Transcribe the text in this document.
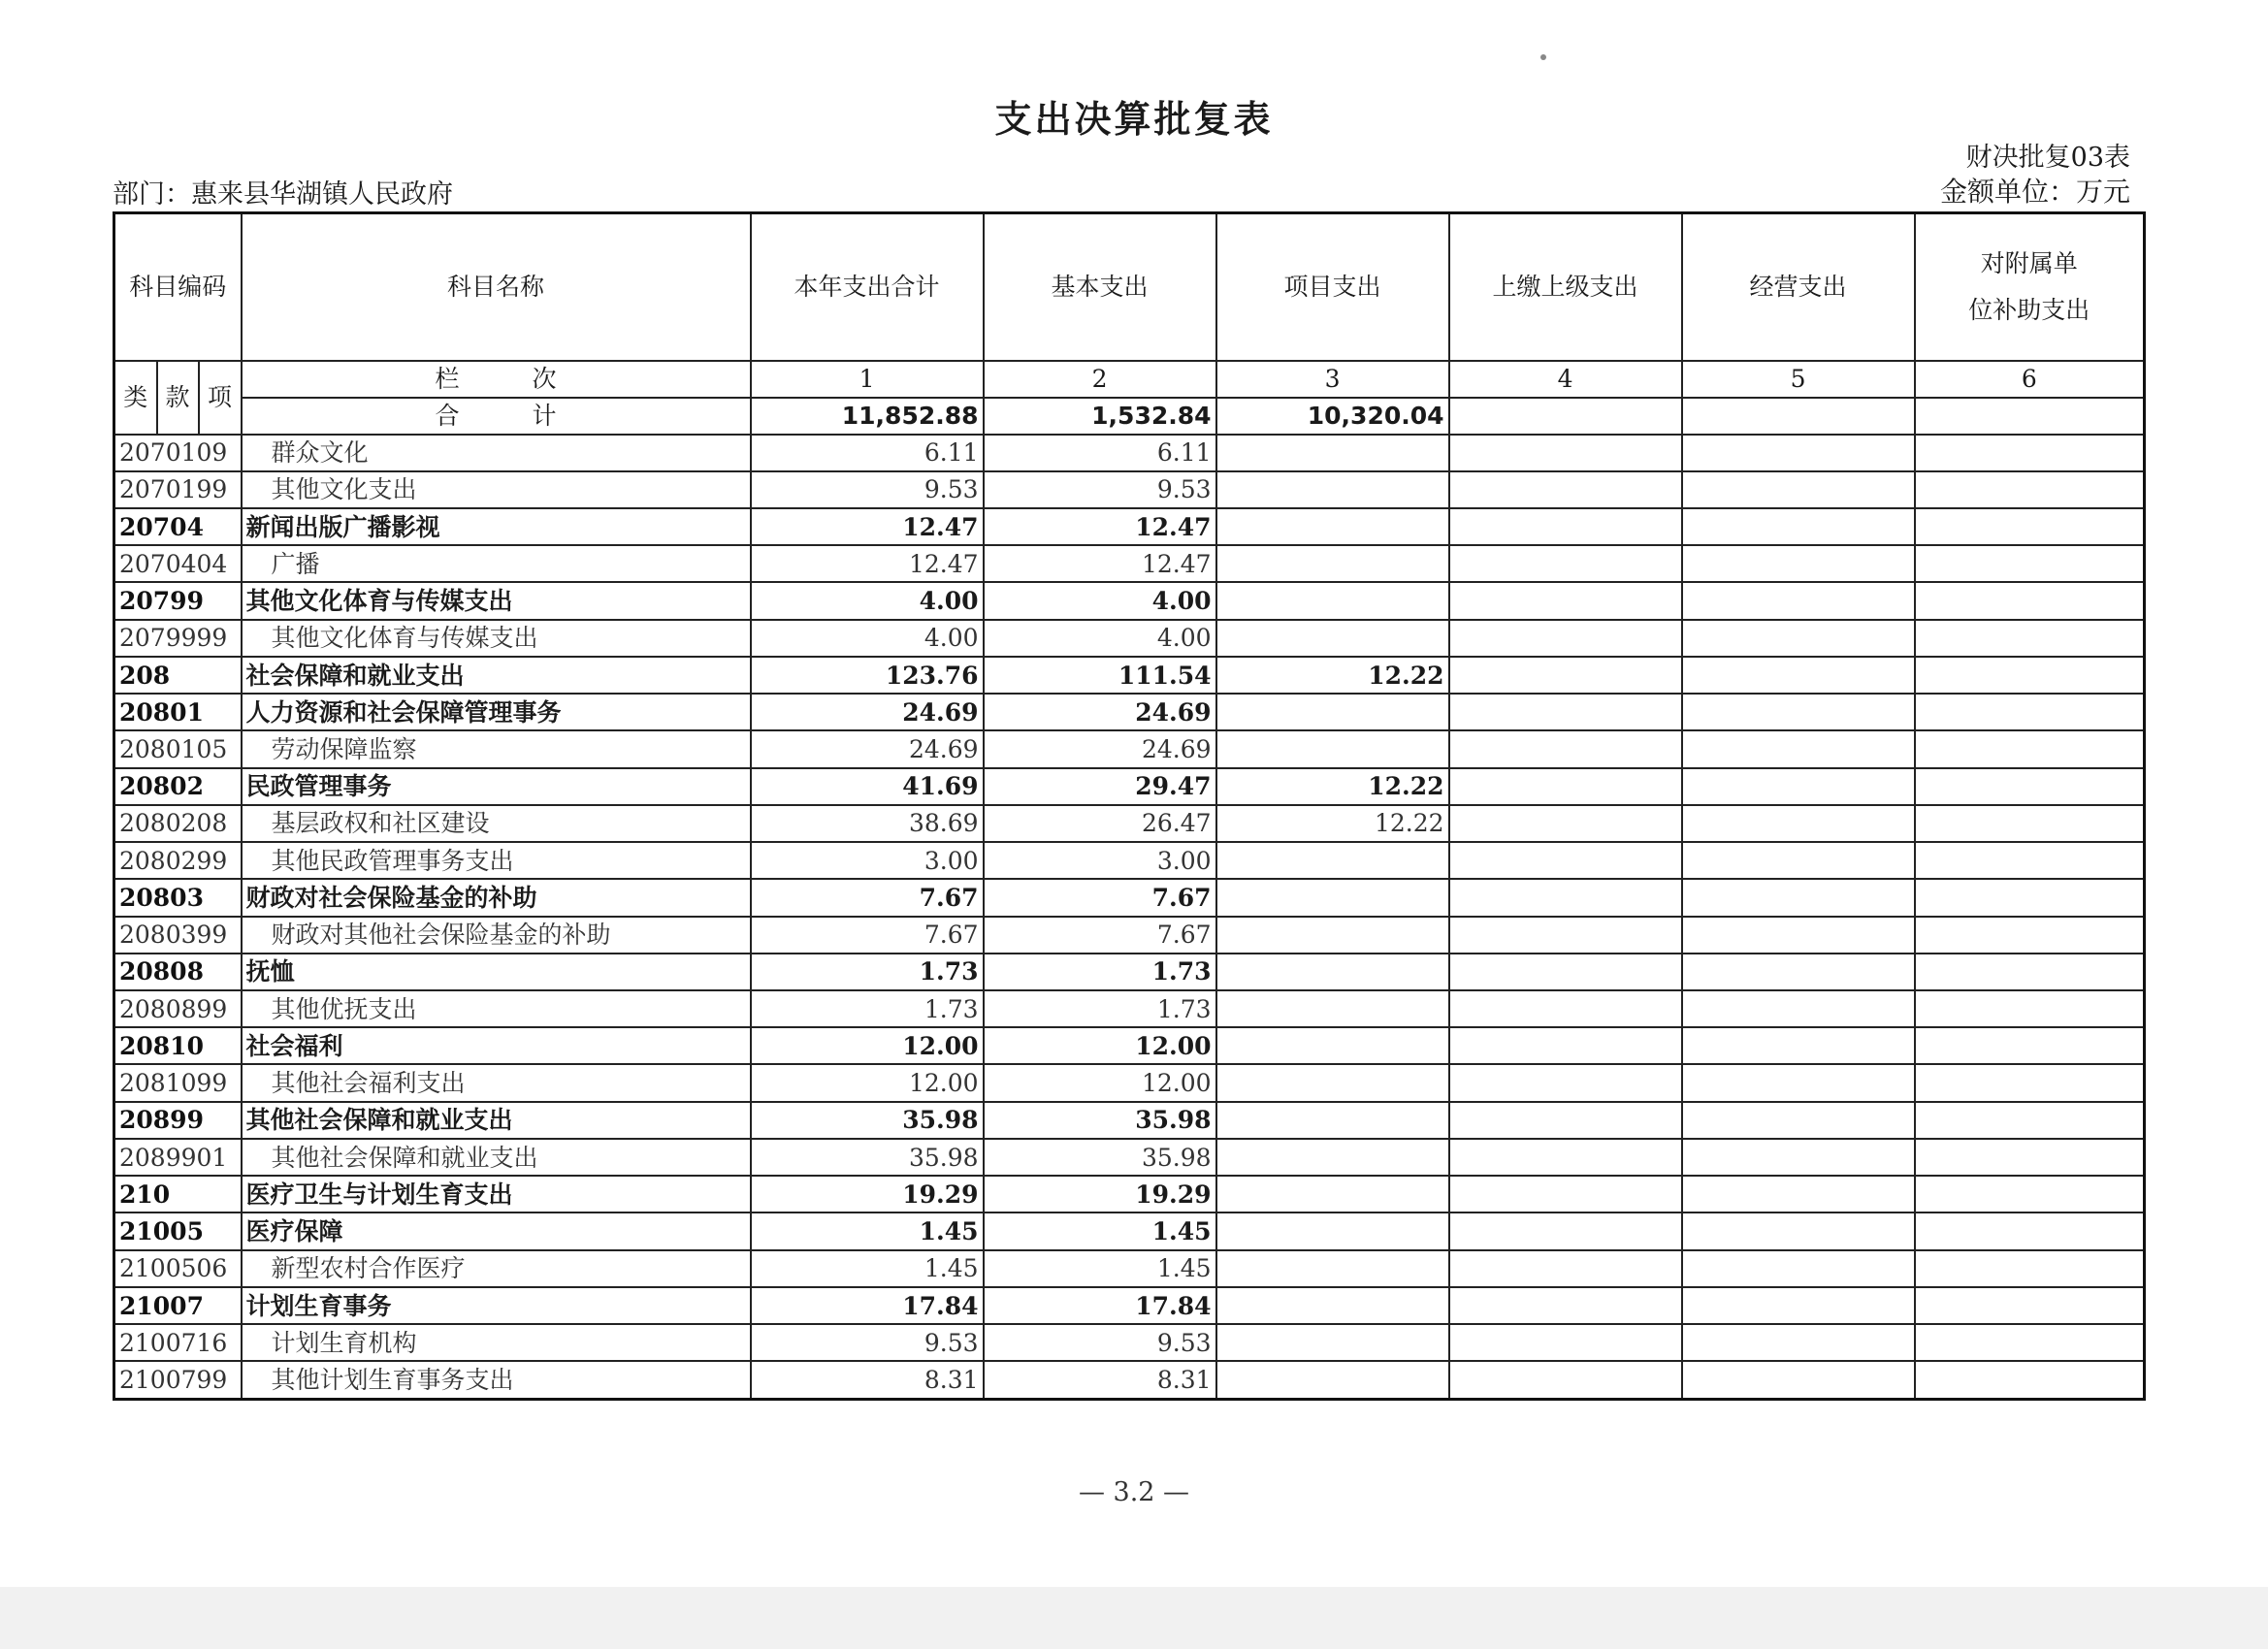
支出决算批复表
财决批复03表
部门：惠来县华湖镇人民政府	金额单位：万元
科目编码			科目名称	本年支出合计	基本支出	项目支出	上缴上级支出	经营支出	对附属单
位补助支出
类	款	项	栏　　　次	1	2	3	4	5	6
			合　　　计	11,852.88	1,532.84	10,320.04			
2070109			群众文化	6.11	6.11				
2070199			其他文化支出	9.53	9.53				
20704			新闻出版广播影视	12.47	12.47				
2070404			广播	12.47	12.47				
20799			其他文化体育与传媒支出	4.00	4.00				
2079999			其他文化体育与传媒支出	4.00	4.00				
208			社会保障和就业支出	123.76	111.54	12.22			
20801			人力资源和社会保障管理事务	24.69	24.69				
2080105			劳动保障监察	24.69	24.69				
20802			民政管理事务	41.69	29.47	12.22			
2080208			基层政权和社区建设	38.69	26.47	12.22			
2080299			其他民政管理事务支出	3.00	3.00				
20803			财政对社会保险基金的补助	7.67	7.67				
2080399			财政对其他社会保险基金的补助	7.67	7.67				
20808			抚恤	1.73	1.73				
2080899			其他优抚支出	1.73	1.73				
20810			社会福利	12.00	12.00				
2081099			其他社会福利支出	12.00	12.00				
20899			其他社会保障和就业支出	35.98	35.98				
2089901			其他社会保障和就业支出	35.98	35.98				
210			医疗卫生与计划生育支出	19.29	19.29				
21005			医疗保障	1.45	1.45				
2100506			新型农村合作医疗	1.45	1.45				
21007			计划生育事务	17.84	17.84				
2100716			计划生育机构	9.53	9.53				
2100799			其他计划生育事务支出	8.31	8.31				
— 3.2 —
